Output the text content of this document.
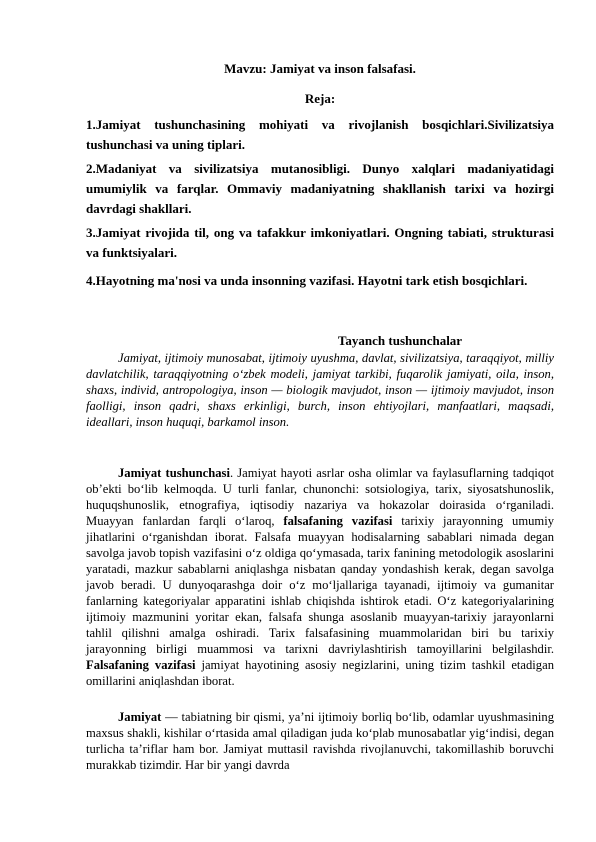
Mavzu: Jamiyat va inson falsafasi.
Reja:
1.Jamiyat tushunchasining mohiyati va rivojlanish bosqichlari.Sivilizatsiya tushunchasi va uning tiplari.
2.Madaniyat va sivilizatsiya mutanosibligi. Dunyo xalqlari madaniyatidagi umumiylik va farqlar. Ommaviy madaniyatning shakllanish tarixi va hozirgi davrdagi shakllari.
3.Jamiyat rivojida til, ong va tafakkur imkoniyatlari. Ongning tabiati, strukturasi va funktsiyalari.
4.Hayotning ma'nosi va unda insonning vazifasi. Hayotni tark etish bosqichlari.
Tayanch tushunchalar
Jamiyat, ijtimoiy munosabat, ijtimoiy uyushma, davlat, sivilizatsiya, taraqqiyot, milliy davlatchilik, taraqqiyotning o‘zbek modeli, jamiyat tarkibi, fuqarolik jamiyati, oila, inson, shaxs, individ, antropologiya, inson — biologik mavjudot, inson — ijtimoiy mavjudot, inson faolligi, inson qadri, shaxs erkinligi, burch, inson ehtiyojlari, manfaatlari, maqsadi, ideallari, inson huquqi, barkamol inson.
Jamiyat tushunchasi. Jamiyat hayoti asrlar osha olimlar va faylasuflarning tadqiqot ob’ekti bo‘lib kelmoqda. U turli fanlar, chunonchi: sotsiologiya, tarix, siyosatshunoslik, huquqshunoslik, etnografiya, iqtisodiy nazariya va hokazolar doirasida o‘rganiladi. Muayyan fanlardan farqli o‘laroq, falsafaning vazifasi tarixiy jarayonning umumiy jihatlarini o‘rganishdan iborat. Falsafa muayyan hodisalarning sabablari nimada degan savolga javob topish vazifasini o‘z oldiga qo‘ymasada, tarix fanining metodologik asoslarini yaratadi, mazkur sabablarni aniqlashga nisbatan qanday yondashish kerak, degan savolga javob beradi. U dunyoqarashga doir o‘z mo‘ljallariga tayanadi, ijtimoiy va gumanitar fanlarning kategoriyalar apparatini ishlab chiqishda ishtirok etadi. O‘z kategoriyalarining ijtimoiy mazmunini yoritar ekan, falsafa shunga asoslanib muayyan-tarixiy jarayonlarni tahlil qilishni amalga oshiradi. Tarix falsafasining muammolaridan biri bu tarixiy jarayonning birligi muammosi va tarixni davriylashtirish tamoyillarini belgilashdir. Falsafaning vazifasi jamiyat hayotining asosiy negizlarini, uning tizim tashkil etadigan omillarini aniqlashdan iborat.
Jamiyat — tabiatning bir qismi, ya’ni ijtimoiy borliq bo‘lib, odamlar uyushmasining maxsus shakli, kishilar o‘rtasida amal qiladigan juda ko‘plab munosabatlar yig‘indisi, degan turlicha ta’riflar ham bor. Jamiyat muttasil ravishda rivojlanuvchi, takomillashib boruvchi murakkab tizimdir. Har bir yangi davrda
